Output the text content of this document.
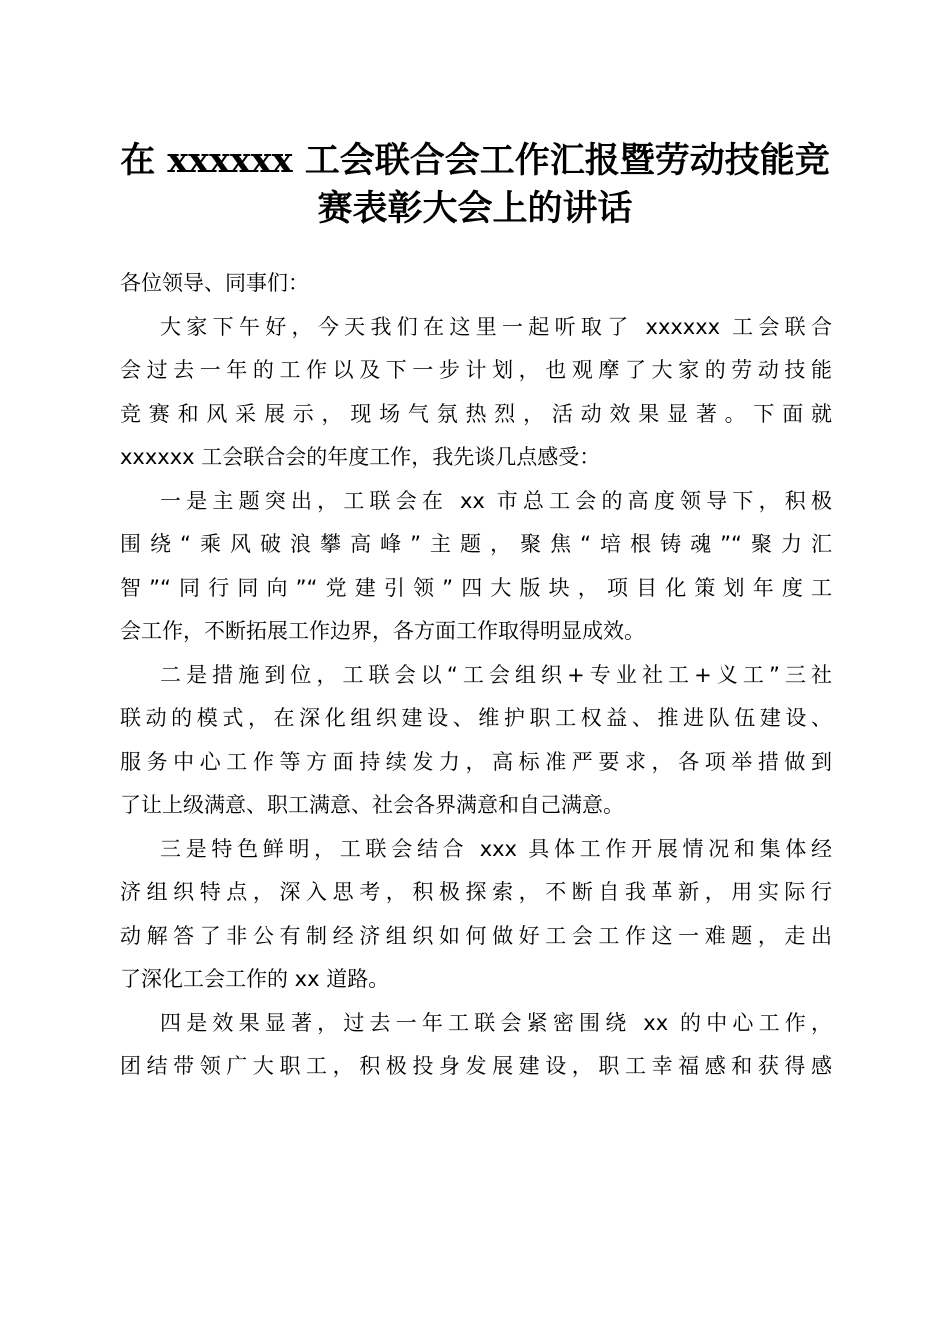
在 xxxxxx 工会联合会工作汇报暨劳动技能竞
赛表彰大会上的讲话
各位领导、同事们：
大家下午好，今天我们在这里一起听取了 xxxxxx 工会联合
会过去一年的工作以及下一步计划，也观摩了大家的劳动技能
竞赛和风采展示，现场气氛热烈，活动效果显著。下面就
xxxxxx 工会联合会的年度工作，我先谈几点感受：
一是主题突出，工联会在 xx 市总工会的高度领导下，积极
围绕“乘风破浪攀高峰”主题，聚焦“培根铸魂”“聚力汇
智”“同行同向”“党建引领”四大版块，项目化策划年度工
会工作，不断拓展工作边界，各方面工作取得明显成效。
二是措施到位，工联会以“工会组织+专业社工+义工”三社
联动的模式，在深化组织建设、维护职工权益、推进队伍建设、
服务中心工作等方面持续发力，高标准严要求，各项举措做到
了让上级满意、职工满意、社会各界满意和自己满意。
三是特色鲜明，工联会结合 xxx 具体工作开展情况和集体经
济组织特点，深入思考，积极探索，不断自我革新，用实际行
动解答了非公有制经济组织如何做好工会工作这一难题，走出
了深化工会工作的 xx 道路。
四是效果显著，过去一年工联会紧密围绕 xx 的中心工作，
团结带领广大职工，积极投身发展建设，职工幸福感和获得感
